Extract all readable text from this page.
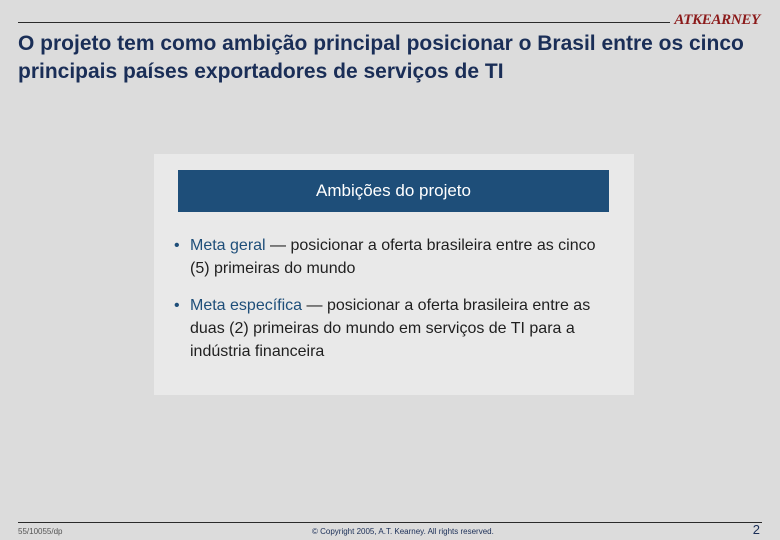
ATKEARNEY
O projeto tem como ambição principal posicionar o Brasil entre os cinco principais países exportadores de serviços de TI
Ambições do projeto
• Meta geral — posicionar a oferta brasileira entre as cinco (5) primeiras do mundo
• Meta específica — posicionar a oferta brasileira entre as duas (2) primeiras do mundo em serviços de TI para a indústria financeira
55/10055/dp	© Copyright 2005, A.T. Kearney. All rights reserved.	2
